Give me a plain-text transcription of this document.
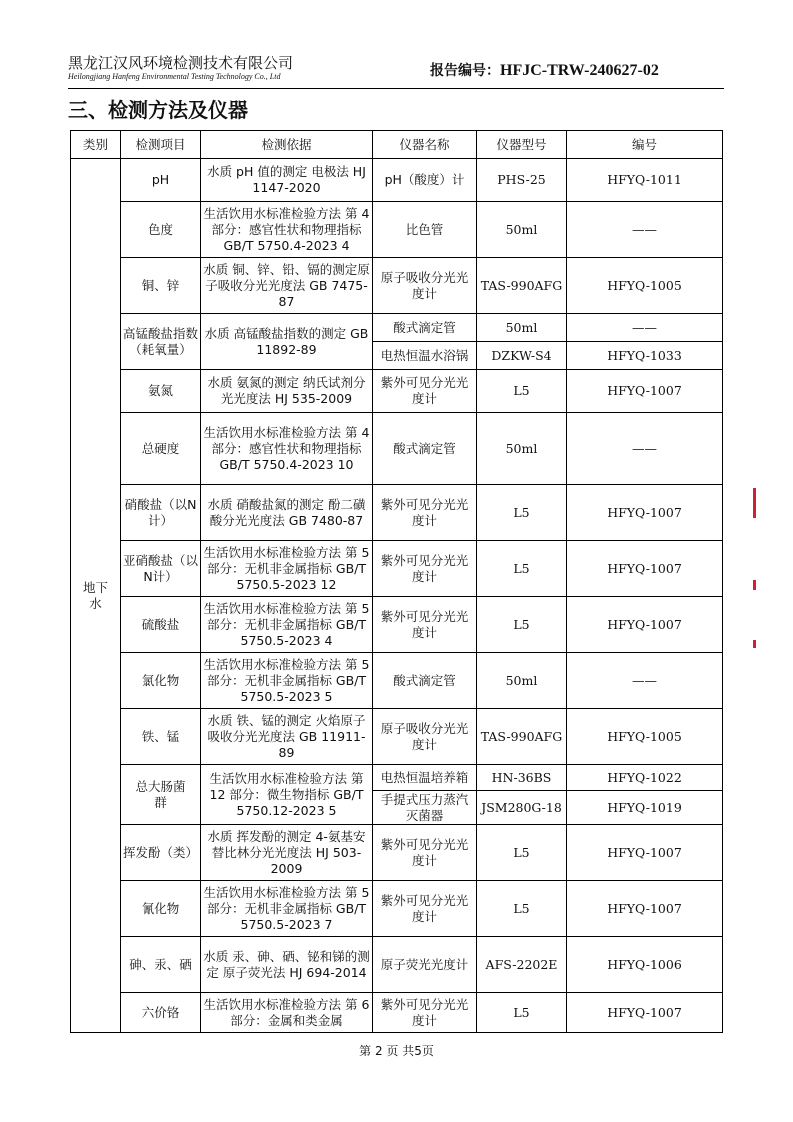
黑龙江汉风环境检测技术有限公司
Heilongjiang Hanfeng Environmental Testing Technology Co., Ltd	报告编号：HFJC-TRW-240627-02
三、检测方法及仪器
类别	检测项目	检测依据	仪器名称	仪器型号	编号
地下水	pH	水质 pH 值的测定 电极法 HJ 1147-2020	pH（酸度）计	PHS-25	HFYQ-1011
	色度	生活饮用水标准检验方法 第 4 部分：感官性状和物理指标 GB/T 5750.4-2023 4	比色管	50ml	——
	铜、锌	水质 铜、锌、铅、镉的测定原子吸收分光光度法 GB 7475-87	原子吸收分光光度计	TAS-990AFG	HFYQ-1005
	高锰酸盐指数（耗氧量）	水质 高锰酸盐指数的测定 GB 11892-89	酸式滴定管	50ml	——
			电热恒温水浴锅	DZKW-S4	HFYQ-1033
	氨氮	水质 氨氮的测定 纳氏试剂分光光度法 HJ 535-2009	紫外可见分光光度计	L5	HFYQ-1007
	总硬度	生活饮用水标准检验方法 第 4 部分：感官性状和物理指标 GB/T 5750.4-2023 10	酸式滴定管	50ml	——
	硝酸盐（以N计）	水质 硝酸盐氮的测定 酚二磺酸分光光度法 GB 7480-87	紫外可见分光光度计	L5	HFYQ-1007
	亚硝酸盐（以N计）	生活饮用水标准检验方法 第 5 部分：无机非金属指标 GB/T 5750.5-2023 12	紫外可见分光光度计	L5	HFYQ-1007
	硫酸盐	生活饮用水标准检验方法 第 5 部分：无机非金属指标 GB/T 5750.5-2023 4	紫外可见分光光度计	L5	HFYQ-1007
	氯化物	生活饮用水标准检验方法 第 5 部分：无机非金属指标 GB/T 5750.5-2023 5	酸式滴定管	50ml	——
	铁、锰	水质 铁、锰的测定 火焰原子吸收分光光度法 GB 11911-89	原子吸收分光光度计	TAS-990AFG	HFYQ-1005
	总大肠菌群	生活饮用水标准检验方法 第 12 部分：微生物指标 GB/T 5750.12-2023 5	电热恒温培养箱	HN-36BS	HFYQ-1022
			手提式压力蒸汽灭菌器	JSM280G-18	HFYQ-1019
	挥发酚（类）	水质 挥发酚的测定 4-氨基安替比林分光光度法 HJ 503-2009	紫外可见分光光度计	L5	HFYQ-1007
	氰化物	生活饮用水标准检验方法 第 5 部分：无机非金属指标 GB/T 5750.5-2023 7	紫外可见分光光度计	L5	HFYQ-1007
	砷、汞、硒	水质 汞、砷、硒、铋和锑的测定 原子荧光法 HJ 694-2014	原子荧光光度计	AFS-2202E	HFYQ-1006
	六价铬	生活饮用水标准检验方法 第 6 部分：金属和类金属	紫外可见分光光度计	L5	HFYQ-1007
第 2 页 共5页
